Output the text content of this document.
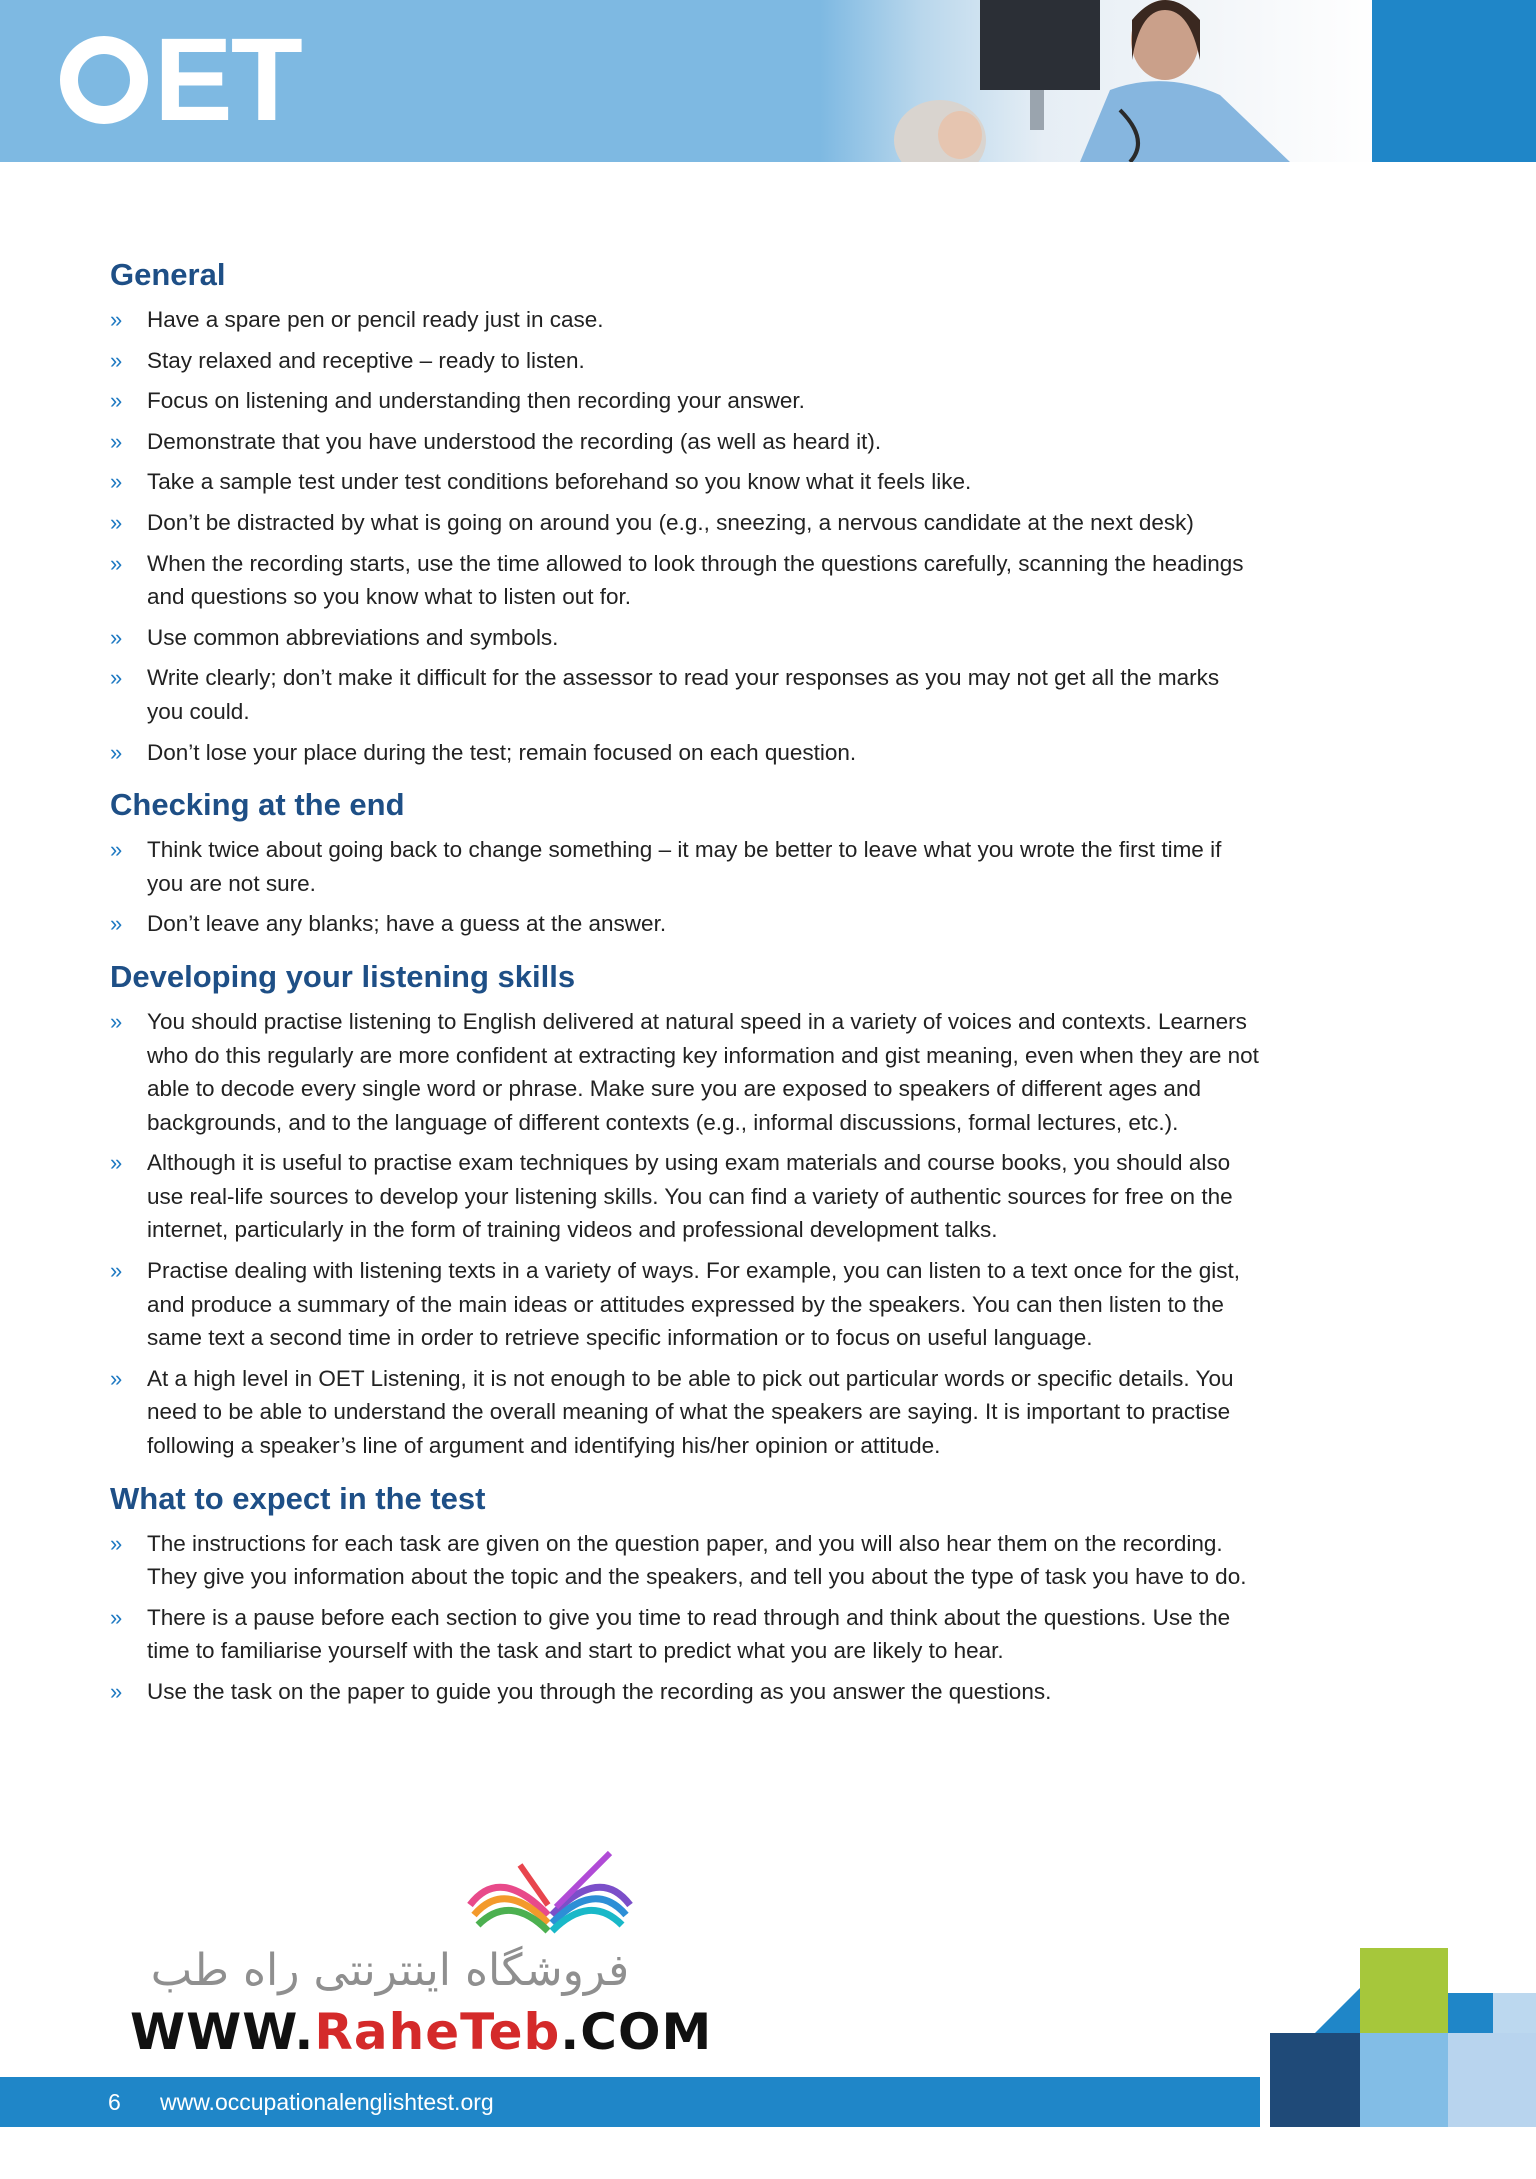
ET
General
» Have a spare pen or pencil ready just in case.
» Stay relaxed and receptive – ready to listen.
» Focus on listening and understanding then recording your answer.
» Demonstrate that you have understood the recording (as well as heard it).
» Take a sample test under test conditions beforehand so you know what it feels like.
» Don’t be distracted by what is going on around you (e.g., sneezing, a nervous candidate at the next desk)
» When the recording starts, use the time allowed to look through the questions carefully, scanning the headings and questions so you know what to listen out for.
» Use common abbreviations and symbols.
» Write clearly; don’t make it difficult for the assessor to read your responses as you may not get all the marks you could.
» Don’t lose your place during the test; remain focused on each question.
Checking at the end
» Think twice about going back to change something – it may be better to leave what you wrote the first time if you are not sure.
» Don’t leave any blanks; have a guess at the answer.
Developing your listening skills
» You should practise listening to English delivered at natural speed in a variety of voices and contexts. Learners who do this regularly are more confident at extracting key information and gist meaning, even when they are not able to decode every single word or phrase. Make sure you are exposed to speakers of different ages and backgrounds, and to the language of different contexts (e.g., informal discussions, formal lectures, etc.).
» Although it is useful to practise exam techniques by using exam materials and course books, you should also use real-life sources to develop your listening skills. You can find a variety of authentic sources for free on the internet, particularly in the form of training videos and professional development talks.
» Practise dealing with listening texts in a variety of ways. For example, you can listen to a text once for the gist, and produce a summary of the main ideas or attitudes expressed by the speakers. You can then listen to the same text a second time in order to retrieve specific information or to focus on useful language.
» At a high level in OET Listening, it is not enough to be able to pick out particular words or specific details. You need to be able to understand the overall meaning of what the speakers are saying. It is important to practise following a speaker’s line of argument and identifying his/her opinion or attitude.
What to expect in the test
» The instructions for each task are given on the question paper, and you will also hear them on the recording. They give you information about the topic and the speakers, and tell you about the type of task you have to do.
» There is a pause before each section to give you time to read through and think about the questions. Use the time to familiarise yourself with the task and start to predict what you are likely to hear.
» Use the task on the paper to guide you through the recording as you answer the questions.
فروشگاه اینترنتی راه طب
WWW.RaheTeb.COM
6 www.occupationalenglishtest.org
